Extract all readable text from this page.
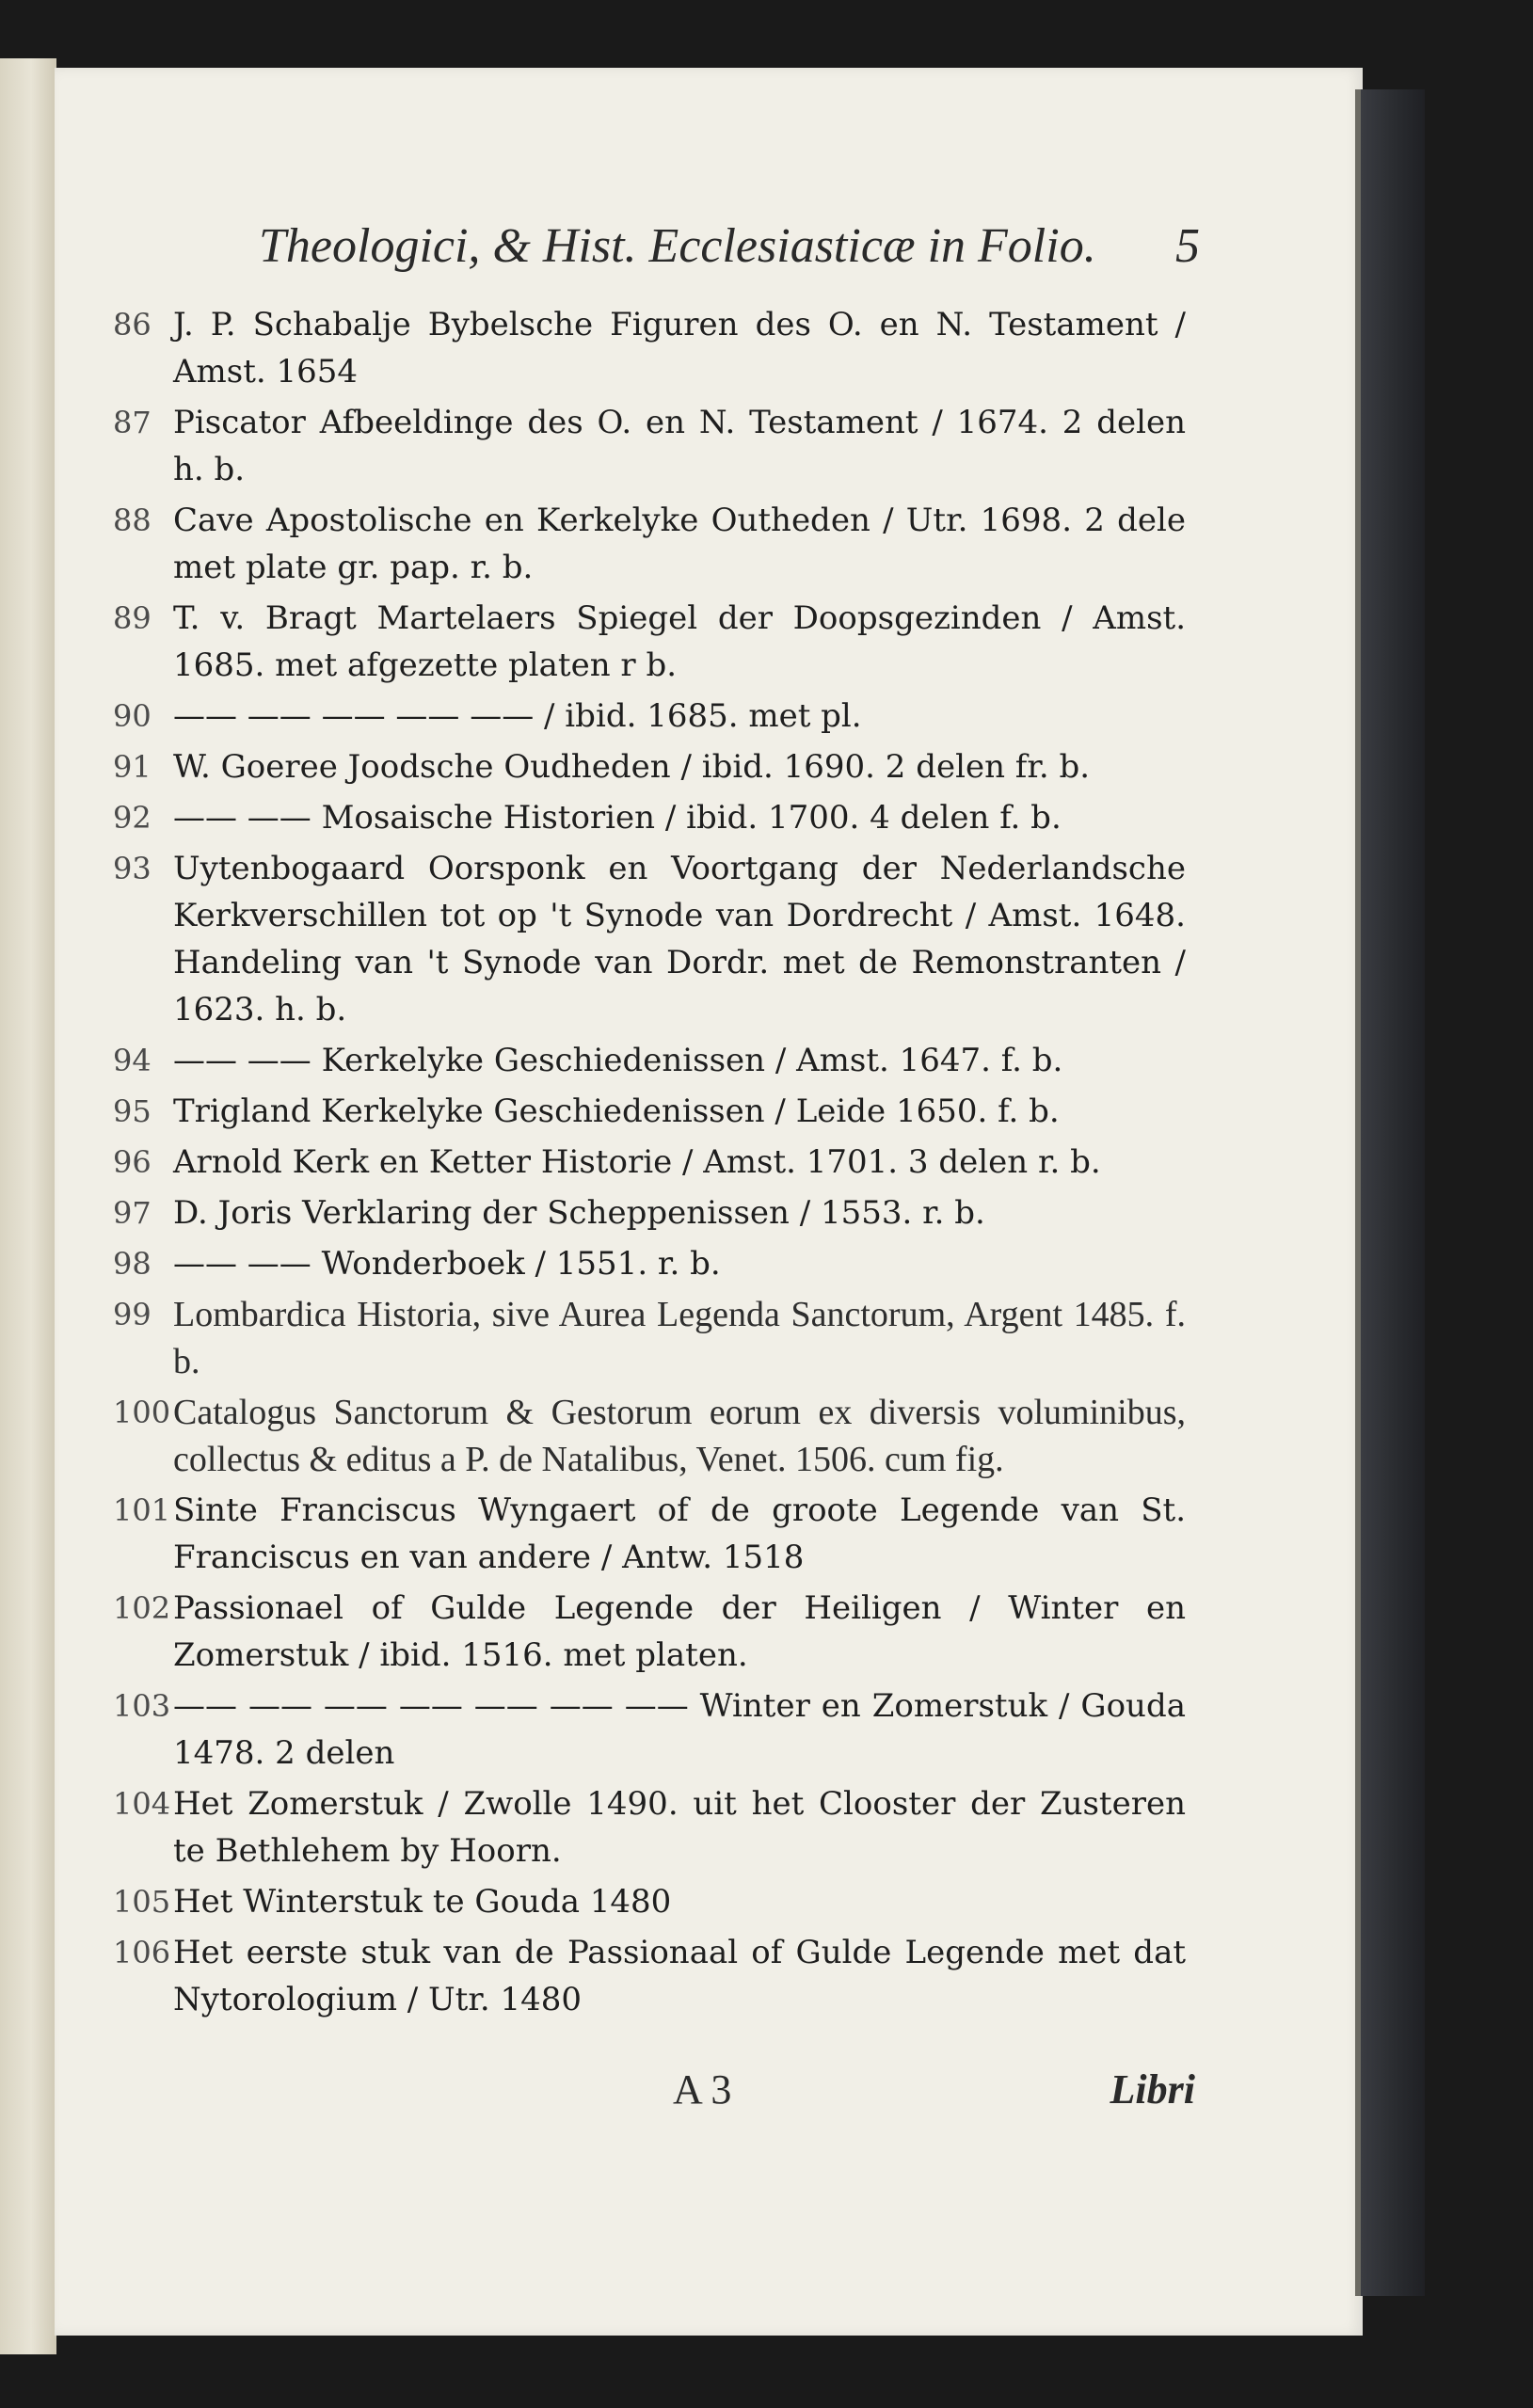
Theologici, & Hist. Ecclesiasticæ in Folio. 5
86 J. P. Schabalje Bybelsche Figuren des O. en N. Testament / Amst. 1654
87 Piscator Afbeeldinge des O. en N. Testament / 1674. 2 delen h. b.
88 Cave Apostolische en Kerkelyke Outheden / Utr. 1698. 2 dele met plate gr. pap. r. b.
89 T. v. Bragt Martelaers Spiegel der Doopsgezinden / Amst. 1685. met afgezette platen r b.
90 —— —— —— —— —— / ibid. 1685. met pl.
91 W. Goeree Joodsche Oudheden / ibid. 1690. 2 delen fr. b.
92 —— —— Mosaische Historien / ibid. 1700. 4 delen f. b.
93 Uytenbogaard Oorsponk en Voortgang der Nederlandsche Kerkverschillen tot op 't Synode van Dordrecht / Amst. 1648. Handeling van 't Synode van Dordr. met de Remonstranten / 1623. h. b.
94 —— —— Kerkelyke Geschiedenissen / Amst. 1647. f. b.
95 Trigland Kerkelyke Geschiedenissen / Leide 1650. f. b.
96 Arnold Kerk en Ketter Historie / Amst. 1701. 3 delen r. b.
97 D. Joris Verklaring der Scheppenissen / 1553. r. b.
98 —— —— Wonderboek / 1551. r. b.
99 Lombardica Historia, sive Aurea Legenda Sanctorum, Argent 1485. f. b.
100 Catalogus Sanctorum & Gestorum eorum ex diversis voluminibus, collectus & editus a P. de Natalibus, Venet. 1506. cum fig.
101 Sinte Franciscus Wyngaert of de groote Legende van St. Franciscus en van andere / Antw. 1518
102 Passionael of Gulde Legende der Heiligen / Winter en Zomerstuk / ibid. 1516. met platen.
103 —— —— —— —— —— —— —— Winter en Zomerstuk / Gouda 1478. 2 delen
104 Het Zomerstuk / Zwolle 1490. uit het Clooster der Zusteren te Bethlehem by Hoorn.
105 Het Winterstuk te Gouda 1480
106 Het eerste stuk van de Passionaal of Gulde Legende met dat Nytorologium / Utr. 1480
A 3	Libri
